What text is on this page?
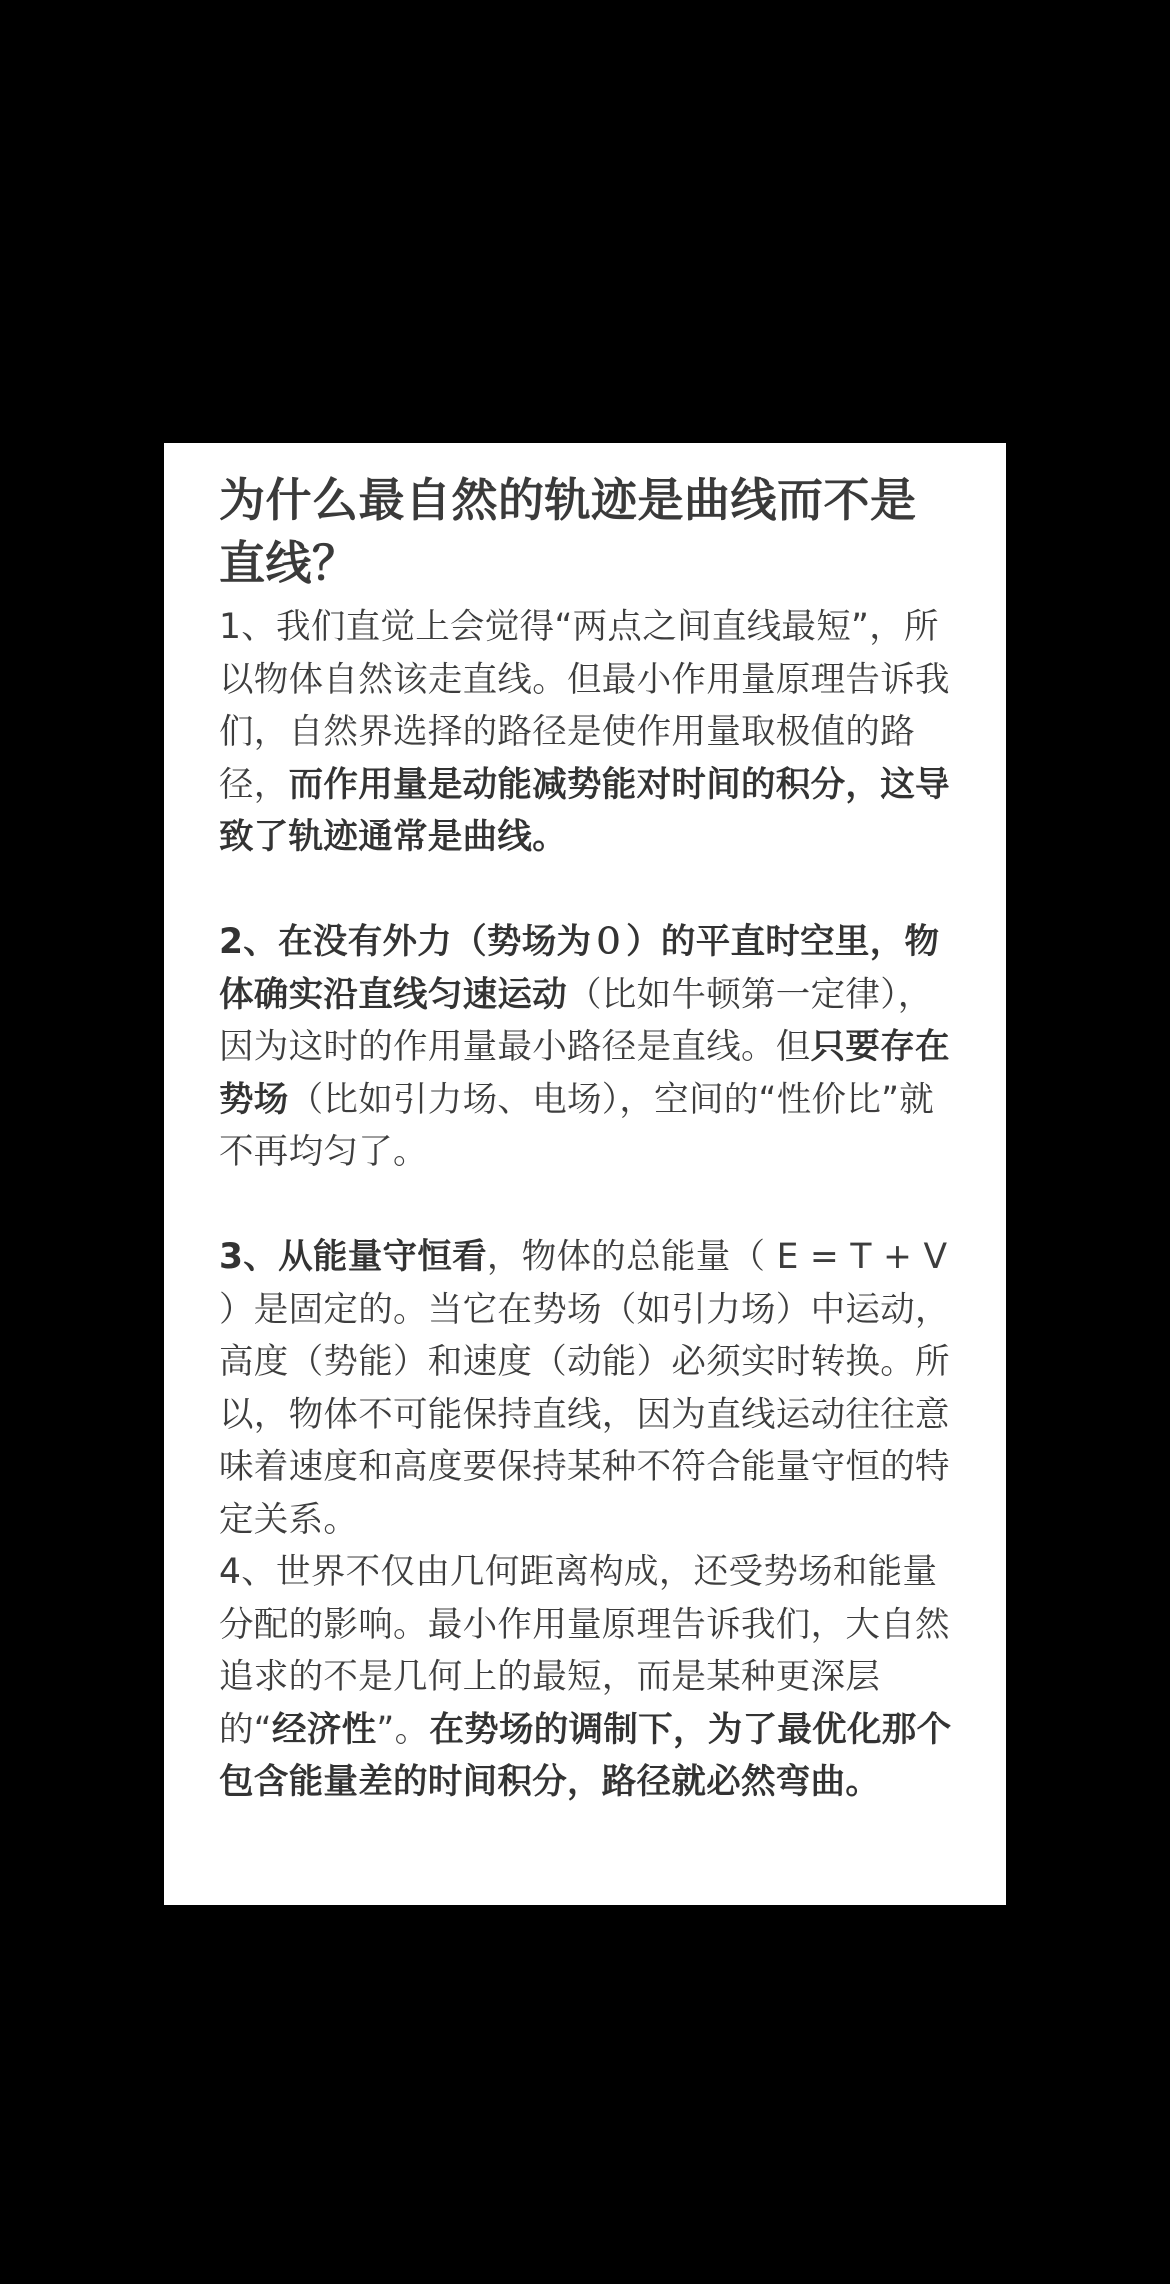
为什么最自然的轨迹是曲线而不是直线？

1、我们直觉上会觉得“两点之间直线最短”，所以物体自然该走直线。但最小作用量原理告诉我们，自然界选择的路径是使作用量取极值的路径，而作用量是动能减势能对时间的积分，这导致了轨迹通常是曲线。

2、在没有外力（势场为０）的平直时空里，物体确实沿直线匀速运动（比如牛顿第一定律），因为这时的作用量最小路径是直线。但只要存在势场（比如引力场、电场），空间的“性价比”就不再均匀了。

3、从能量守恒看，物体的总能量（ E = T + V ）是固定的。当它在势场（如引力场）中运动，高度（势能）和速度（动能）必须实时转换。所以，物体不可能保持直线，因为直线运动往往意味着速度和高度要保持某种不符合能量守恒的特定关系。

4、世界不仅由几何距离构成，还受势场和能量分配的影响。最小作用量原理告诉我们，大自然追求的不是几何上的最短，而是某种更深层的“经济性”。在势场的调制下，为了最优化那个包含能量差的时间积分，路径就必然弯曲。
